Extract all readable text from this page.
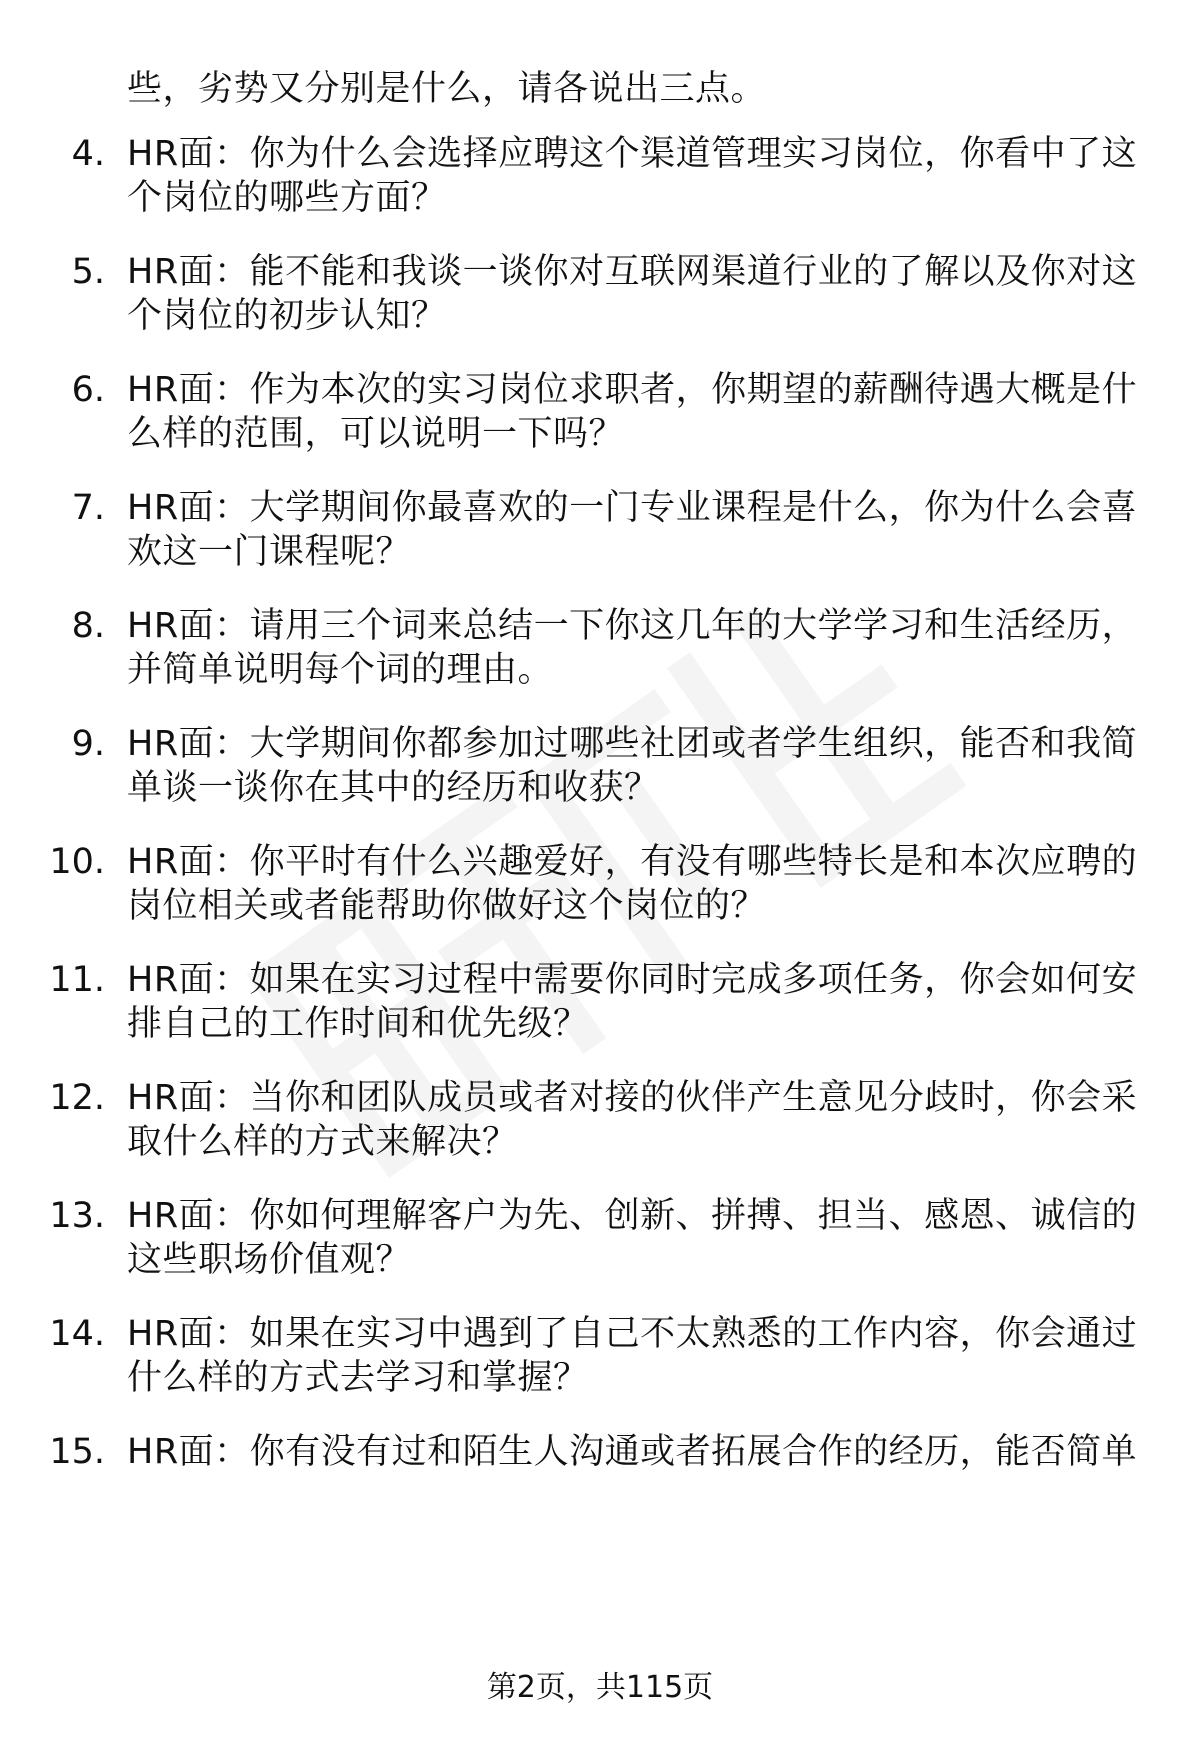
些，劣势又分别是什么，请各说出三点。
4. HR面：你为什么会选择应聘这个渠道管理实习岗位，你看中了这
个岗位的哪些方面？
5. HR面：能不能和我谈一谈你对互联网渠道行业的了解以及你对这
个岗位的初步认知？
6. HR面：作为本次的实习岗位求职者，你期望的薪酬待遇大概是什
么样的范围，可以说明一下吗？
7. HR面：大学期间你最喜欢的一门专业课程是什么，你为什么会喜
欢这一门课程呢？
8. HR面：请用三个词来总结一下你这几年的大学学习和生活经历，
并简单说明每个词的理由。
9. HR面：大学期间你都参加过哪些社团或者学生组织，能否和我简
单谈一谈你在其中的经历和收获？
10. HR面：你平时有什么兴趣爱好，有没有哪些特长是和本次应聘的
岗位相关或者能帮助你做好这个岗位的？
11. HR面：如果在实习过程中需要你同时完成多项任务，你会如何安
排自己的工作时间和优先级？
12. HR面：当你和团队成员或者对接的伙伴产生意见分歧时，你会采
取什么样的方式来解决？
13. HR面：你如何理解客户为先、创新、拼搏、担当、感恩、诚信的
这些职场价值观？
14. HR面：如果在实习中遇到了自己不太熟悉的工作内容，你会通过
什么样的方式去学习和掌握？
15. HR面：你有没有过和陌生人沟通或者拓展合作的经历，能否简单
第2页，共115页
